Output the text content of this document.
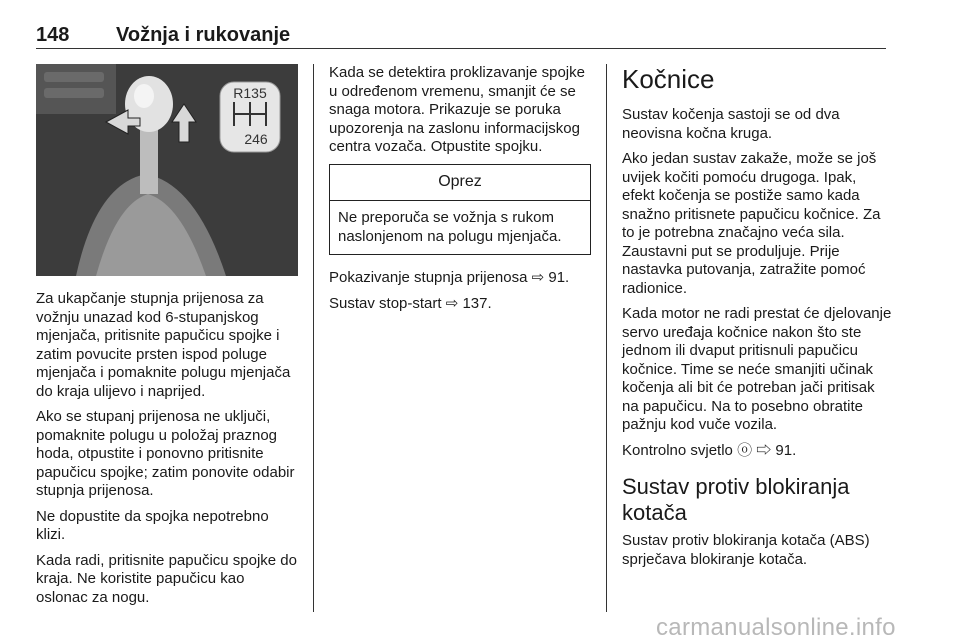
148 Vožnja i rukovanje
R135
246

Za ukapčanje stupnja prijenosa za vožnju unazad kod 6-stupanjskog mjenjača, pritisnite papučicu spojke i zatim povucite prsten ispod poluge mjenjača i pomaknite polugu mjenjača do kraja ulijevo i naprijed.

Ako se stupanj prijenosa ne uključi, pomaknite polugu u položaj praznog hoda, otpustite i ponovno pritisnite papučicu spojke; zatim ponovite odabir stupnja prijenosa.

Ne dopustite da spojka nepotrebno klizi.

Kada radi, pritisnite papučicu spojke do kraja. Ne koristite papučicu kao oslonac za nogu.

Kada se detektira proklizavanje spojke u određenom vremenu, smanjit će se snaga motora. Prikazuje se poruka upozorenja na zaslonu informacijskog centra vozača. Otpustite spojku.

Oprez
Ne preporuča se vožnja s rukom naslonjenom na polugu mjenjača.

Pokazivanje stupnja prijenosa ⇨ 91.

Sustav stop-start ⇨ 137.

Kočnice

Sustav kočenja sastoji se od dva neovisna kočna kruga.

Ako jedan sustav zakaže, može se još uvijek kočiti pomoću drugoga. Ipak, efekt kočenja se postiže samo kada snažno pritisnete papučicu kočnice. Za to je potrebna značajno veća sila. Zaustavni put se produljuje. Prije nastavka putovanja, zatražite pomoć radionice.

Kada motor ne radi prestat će djelovanje servo uređaja kočnice nakon što ste jednom ili dvaput pritisnuli papučicu kočnice. Time se neće smanjiti učinak kočenja ali bit će potreban jači pritisak na papučicu. Na to posebno obratite pažnju kod vuče vozila.

Kontrolno svjetlo ⓞ ⇨ 91.

Sustav protiv blokiranja kotača

Sustav protiv blokiranja kotača (ABS) sprječava blokiranje kotača.

carmanualsonline.info
